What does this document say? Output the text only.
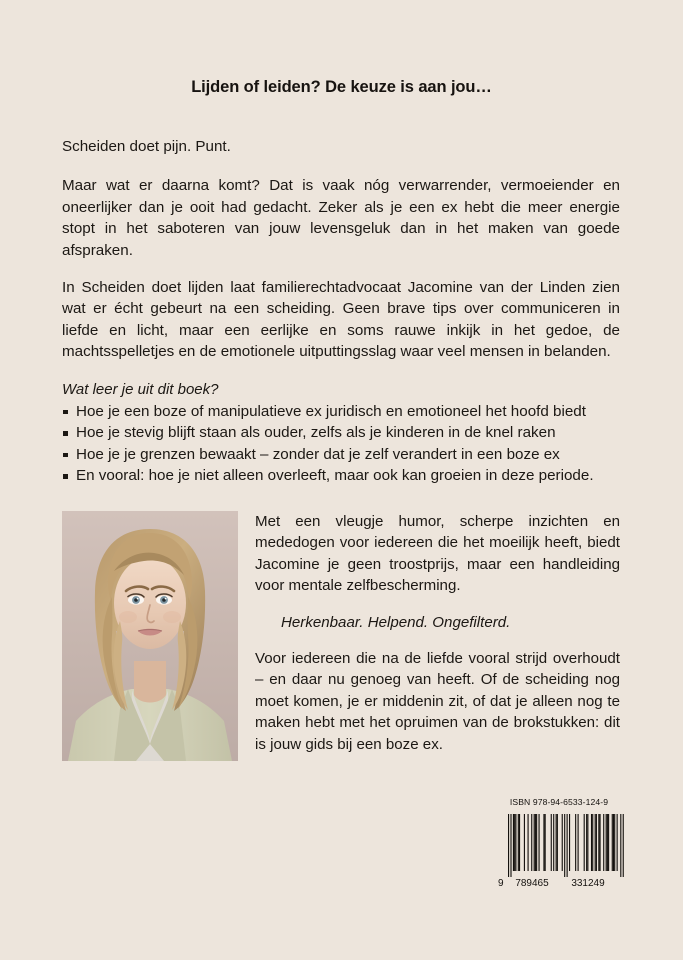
Lijden of leiden? De keuze is aan jou…

Scheiden doet pijn. Punt.

Maar wat er daarna komt? Dat is vaak nóg verwarrender, vermoeiender en oneerlijker dan je ooit had gedacht. Zeker als je een ex hebt die meer energie stopt in het saboteren van jouw levensgeluk dan in het maken van goede afspraken.

In Scheiden doet lijden laat familierechtadvocaat Jacomine van der Linden zien wat er écht gebeurt na een scheiding. Geen brave tips over communiceren in liefde en licht, maar een eerlijke en soms rauwe inkijk in het gedoe, de machtsspelletjes en de emotionele uitputtingsslag waar veel mensen in belanden.

Wat leer je uit dit boek?

Hoe je een boze of manipulatieve ex juridisch en emotioneel het hoofd biedt
Hoe je stevig blijft staan als ouder, zelfs als je kinderen in de knel raken
Hoe je je grenzen bewaakt – zonder dat je zelf verandert in een boze ex
En vooral: hoe je niet alleen overleeft, maar ook kan groeien in deze periode.

Met een vleugje humor, scherpe inzichten en mededogen voor iedereen die het moeilijk heeft, biedt Jacomine je geen troostprijs, maar een handleiding voor mentale zelfbescherming.

Herkenbaar. Helpend. Ongefilterd.

Voor iedereen die na de liefde vooral strijd overhoudt – en daar nu genoeg van heeft. Of de scheiding nog moet komen, je er middenin zit, of dat je alleen nog te maken hebt met het opruimen van de brokstukken: dit is jouw gids bij een boze ex.

ISBN 978-94-6533-124-9
9 789465 331249
